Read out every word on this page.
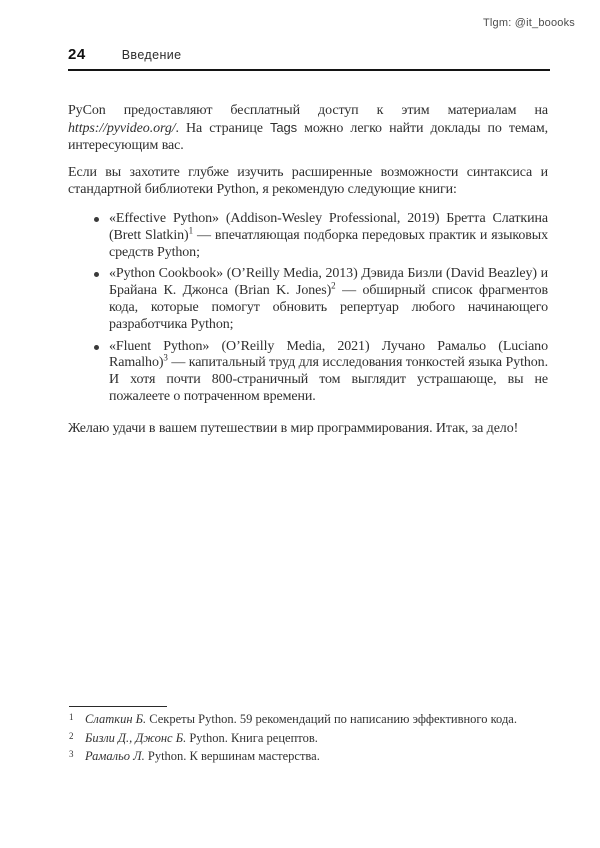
Tlgm: @it_boooks
24	Введение

PyCon предоставляют бесплатный доступ к этим материалам на https://pyvideo.org/. На странице Tags можно легко найти доклады по темам, интересующим вас.

Если вы захотите глубже изучить расширенные возможности синтаксиса и стандартной библиотеки Python, я рекомендую следующие книги:

«Effective Python» (Addison-Wesley Professional, 2019) Бретта Слаткина (Brett Slatkin)$^1$ — впечатляющая подборка передовых практик и языковых средств Python;
«Python Cookbook» (O’Reilly Media, 2013) Дэвида Бизли (David Beazley) и Брайана К. Джонса (Brian K. Jones)$^2$ — обширный список фрагментов кода, которые помогут обновить репертуар любого начинающего разработчика Python;
«Fluent Python» (O’Reilly Media, 2021) Лучано Рамальо (Luciano Ramalho)$^3$ — капитальный труд для исследования тонкостей языка Python. И хотя почти 800-страничный том выглядит устрашающе, вы не пожалеете о потраченном времени.

Желаю удачи в вашем путешествии в мир программирования. Итак, за дело!

1 Слаткин Б. Секреты Python. 59 рекомендаций по написанию эффективного кода.
2 Бизли Д., Джонс Б. Python. Книга рецептов.
3 Рамальо Л. Python. К вершинам мастерства.
